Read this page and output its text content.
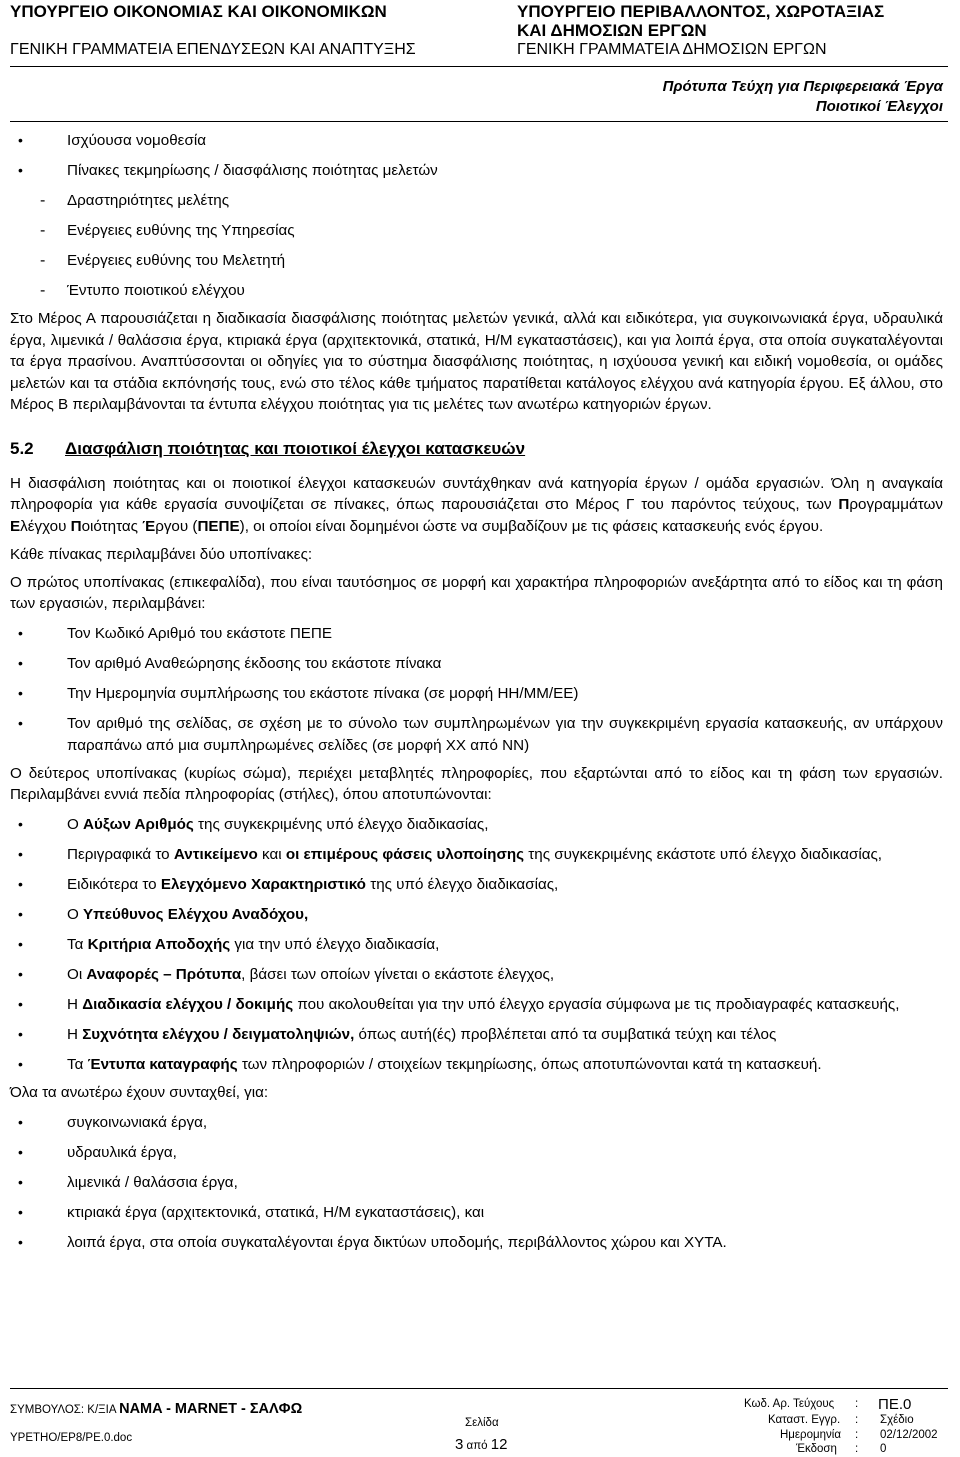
ΥΠΟΥΡΓΕΙΟ ΟΙΚΟΝΟΜΙΑΣ ΚΑΙ ΟΙΚΟΝΟΜΙΚΩΝ
ΓΕΝΙΚΗ ΓΡΑΜΜΑΤΕΙΑ ΕΠΕΝΔΥΣΕΩΝ ΚΑΙ ΑΝΑΠΤΥΞΗΣ
ΥΠΟΥΡΓΕΙΟ ΠΕΡΙΒΑΛΛΟΝΤΟΣ, ΧΩΡΟΤΑΞΙΑΣ
ΚΑΙ ΔΗΜΟΣΙΩΝ ΕΡΓΩΝ
ΓΕΝΙΚΗ ΓΡΑΜΜΑΤΕΙΑ ΔΗΜΟΣΙΩΝ ΕΡΓΩΝ
Πρότυπα Τεύχη για Περιφερειακά Έργα
Ποιοτικοί Έλεγχοι
• Ισχύουσα νομοθεσία
• Πίνακες τεκμηρίωσης / διασφάλισης ποιότητας μελετών
- Δραστηριότητες μελέτης
- Ενέργειες ευθύνης της Υπηρεσίας
- Ενέργειες ευθύνης του Μελετητή
- Έντυπο ποιοτικού ελέγχου
Στο Μέρος Α παρουσιάζεται η διαδικασία διασφάλισης ποιότητας μελετών γενικά, αλλά και ειδικότερα, για συγκοινωνιακά έργα, υδραυλικά έργα, λιμενικά / θαλάσσια έργα, κτιριακά έργα (αρχιτεκτονικά, στατικά, Η/Μ εγκαταστάσεις), και για λοιπά έργα, στα οποία συγκαταλέγονται τα έργα πρασίνου. Αναπτύσσονται οι οδηγίες για το σύστημα διασφάλισης ποιότητας, η ισχύουσα γενική και ειδική νομοθεσία, οι ομάδες μελετών και τα στάδια εκπόνησής τους, ενώ στο τέλος κάθε τμήματος παρατίθεται κατάλογος ελέγχου ανά κατηγορία έργου. Εξ άλλου, στο Μέρος Β περιλαμβάνονται τα έντυπα ελέγχου ποιότητας για τις μελέτες των ανωτέρω κατηγοριών έργων.
5.2 Διασφάλιση ποιότητας και ποιοτικοί έλεγχοι κατασκευών
Η διασφάλιση ποιότητας και οι ποιοτικοί έλεγχοι κατασκευών συντάχθηκαν ανά κατηγορία έργων / ομάδα εργασιών. Όλη η αναγκαία πληροφορία για κάθε εργασία συνοψίζεται σε πίνακες, όπως παρουσιάζεται στο Μέρος Γ του παρόντος τεύχους, των Προγραμμάτων Ελέγχου Ποιότητας Έργου (ΠΕΠΕ), οι οποίοι είναι δομημένοι ώστε να συμβαδίζουν με τις φάσεις κατασκευής ενός έργου.
Κάθε πίνακας περιλαμβάνει δύο υποπίνακες:
Ο πρώτος υποπίνακας (επικεφαλίδα), που είναι ταυτόσημος σε μορφή και χαρακτήρα πληροφοριών ανεξάρτητα από το είδος και τη φάση των εργασιών, περιλαμβάνει:
• Τον Κωδικό Αριθμό του εκάστοτε ΠΕΠΕ
• Τον αριθμό Αναθεώρησης έκδοσης του εκάστοτε πίνακα
• Την Ημερομηνία συμπλήρωσης του εκάστοτε πίνακα (σε μορφή ΗΗ/ΜΜ/ΕΕ)
• Τον αριθμό της σελίδας, σε σχέση με το σύνολο των συμπληρωμένων για την συγκεκριμένη εργασία κατασκευής, αν υπάρχουν παραπάνω από μια συμπληρωμένες σελίδες (σε μορφή ΧΧ από ΝΝ)
Ο δεύτερος υποπίνακας (κυρίως σώμα), περιέχει μεταβλητές πληροφορίες, που εξαρτώνται από το είδος και τη φάση των εργασιών. Περιλαμβάνει εννιά πεδία πληροφορίας (στήλες), όπου αποτυπώνονται:
• Ο Αύξων Αριθμός της συγκεκριμένης υπό έλεγχο διαδικασίας,
• Περιγραφικά το Αντικείμενο και οι επιμέρους φάσεις υλοποίησης της συγκεκριμένης εκάστοτε υπό έλεγχο διαδικασίας,
• Ειδικότερα το Ελεγχόμενο Χαρακτηριστικό της υπό έλεγχο διαδικασίας,
• Ο Υπεύθυνος Ελέγχου Αναδόχου,
• Τα Κριτήρια Αποδοχής για την υπό έλεγχο διαδικασία,
• Οι Αναφορές – Πρότυπα, βάσει των οποίων γίνεται ο εκάστοτε έλεγχος,
• Η Διαδικασία ελέγχου / δοκιμής που ακολουθείται για την υπό έλεγχο εργασία σύμφωνα με τις προδιαγραφές κατασκευής,
• Η Συχνότητα ελέγχου / δειγματοληψιών, όπως αυτή(ές) προβλέπεται από τα συμβατικά τεύχη και τέλος
• Τα Έντυπα καταγραφής των πληροφοριών / στοιχείων τεκμηρίωσης, όπως αποτυπώνονται κατά τη κατασκευή.
Όλα τα ανωτέρω έχουν συνταχθεί, για:
• συγκοινωνιακά έργα,
• υδραυλικά έργα,
• λιμενικά / θαλάσσια έργα,
• κτιριακά έργα (αρχιτεκτονικά, στατικά, Η/Μ εγκαταστάσεις), και
• λοιπά έργα, στα οποία συγκαταλέγονται έργα δικτύων υποδομής, περιβάλλοντος χώρου και ΧΥΤΑ.
ΣΥΜΒΟΥΛΟΣ: Κ/ΞΙΑ NAMA - MARNET - ΣΑΛΦΩ
YPETHO/EP8/PE.0.doc
Σελίδα
3 από 12
Κωδ. Αρ. Τεύχους : ΠΕ.0
Καταστ. Εγγρ. : Σχέδιο
Ημερομηνία : 02/12/2002
Έκδοση : 0
